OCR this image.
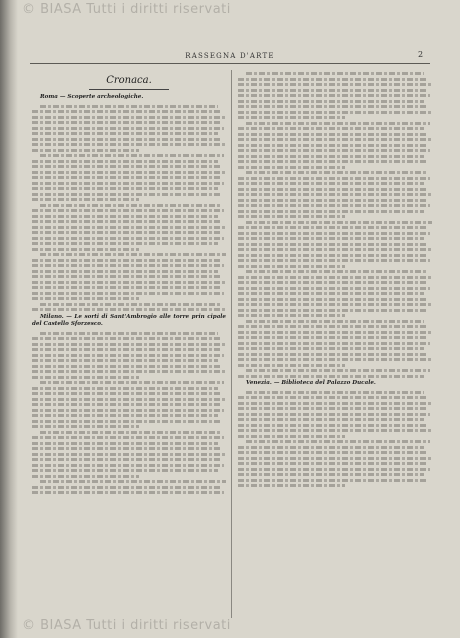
© BIASA Tutti i diritti riservati
RASSEGNA D'ARTE	2
Cronaca.
Roma — Scoperte archeologiche.
Milano. — Le sorti di Sant'Ambrogio alle torre prin cipale del Castello Sforzesco.
Venezia. — Biblioteca del Palazzo Ducale.
© BIASA Tutti i diritti riservati
